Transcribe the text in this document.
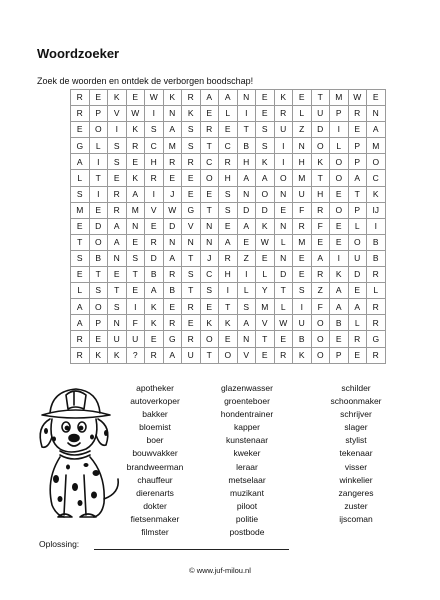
Woordzoeker
Zoek de woorden en ontdek de verborgen boodschap!
R	E	K	E	W	K	R	A	A	N	E	K	E	T	M	W	E
R	P	V	W	I	N	K	E	L	I	E	R	L	U	P	R	N
E	O	I	K	S	A	S	R	E	T	S	U	Z	D	I	E	A
G	L	S	R	C	M	S	T	C	B	S	I	N	O	L	P	M
A	I	S	E	H	R	R	C	R	H	K	I	H	K	O	P	O
L	T	E	K	R	E	E	O	H	A	A	O	M	T	O	A	C
S	I	R	A	I	J	E	E	S	N	O	N	U	H	E	T	K
M	E	R	M	V	W	G	T	S	D	D	E	F	R	O	P	IJ
E	D	A	N	E	D	V	N	E	A	K	N	R	F	E	L	I
T	O	A	E	R	N	N	N	A	E	W	L	M	E	E	O	B
S	B	N	S	D	A	T	J	R	Z	E	N	E	A	I	U	B
E	T	E	T	B	R	S	C	H	I	L	D	E	R	K	D	R
L	S	T	E	A	B	T	S	I	L	Y	T	S	Z	A	E	L
A	O	S	I	K	E	R	E	T	S	M	L	I	F	A	A	R
A	P	N	F	K	R	E	K	K	A	V	W	U	O	B	L	R
R	E	U	U	E	G	R	O	E	N	T	E	B	O	E	R	G
R	K	K	?	R	A	U	T	O	V	E	R	K	O	P	E	R
apotheker
autoverkoper
bakker
bloemist
boer
bouwvakker
brandweerman
chauffeur
dierenarts
dokter
fietsenmaker
filmster
glazenwasser
groenteboer
hondentrainer
kapper
kunstenaar
kweker
leraar
metselaar
muzikant
piloot
politie
postbode
schilder
schoonmaker
schrijver
slager
stylist
tekenaar
visser
winkelier
zangeres
zuster
ijscoman
Oplossing:
© www.juf-milou.nl
